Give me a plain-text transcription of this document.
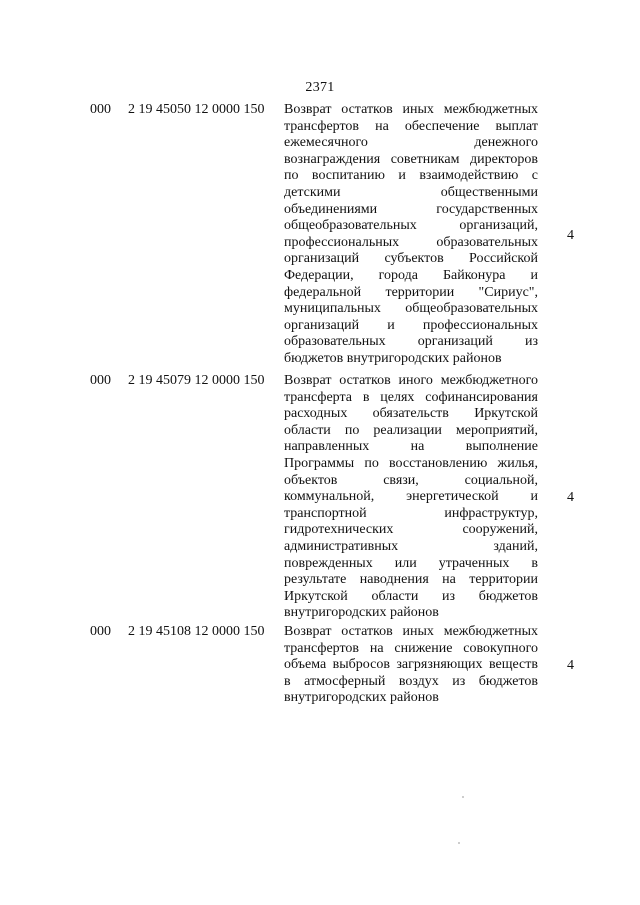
2371
000 2 19 45050 12 0000 150 Возврат остатков иных межбюджетных
трансфертов на обеспечение выплат
ежемесячного денежного
вознаграждения советникам директоров
по воспитанию и взаимодействию с
детскими общественными
объединениями государственных
общеобразовательных организаций,
профессиональных образовательных
организаций субъектов Российской
Федерации, города Байконура и
федеральной территории "Сириус",
муниципальных общеобразовательных
организаций и профессиональных
образовательных организаций из
бюджетов внутригородских районов
4
000 2 19 45079 12 0000 150 Возврат остатков иного межбюджетного
трансферта в целях софинансирования
расходных обязательств Иркутской
области по реализации мероприятий,
направленных на выполнение
Программы по восстановлению жилья,
объектов связи, социальной,
коммунальной, энергетической и
транспортной инфраструктур,
гидротехнических сооружений,
административных зданий,
поврежденных или утраченных в
результате наводнения на территории
Иркутской области из бюджетов
внутригородских районов
4
000 2 19 45108 12 0000 150 Возврат остатков иных межбюджетных
трансфертов на снижение совокупного
объема выбросов загрязняющих веществ
в атмосферный воздух из бюджетов
внутригородских районов
4
